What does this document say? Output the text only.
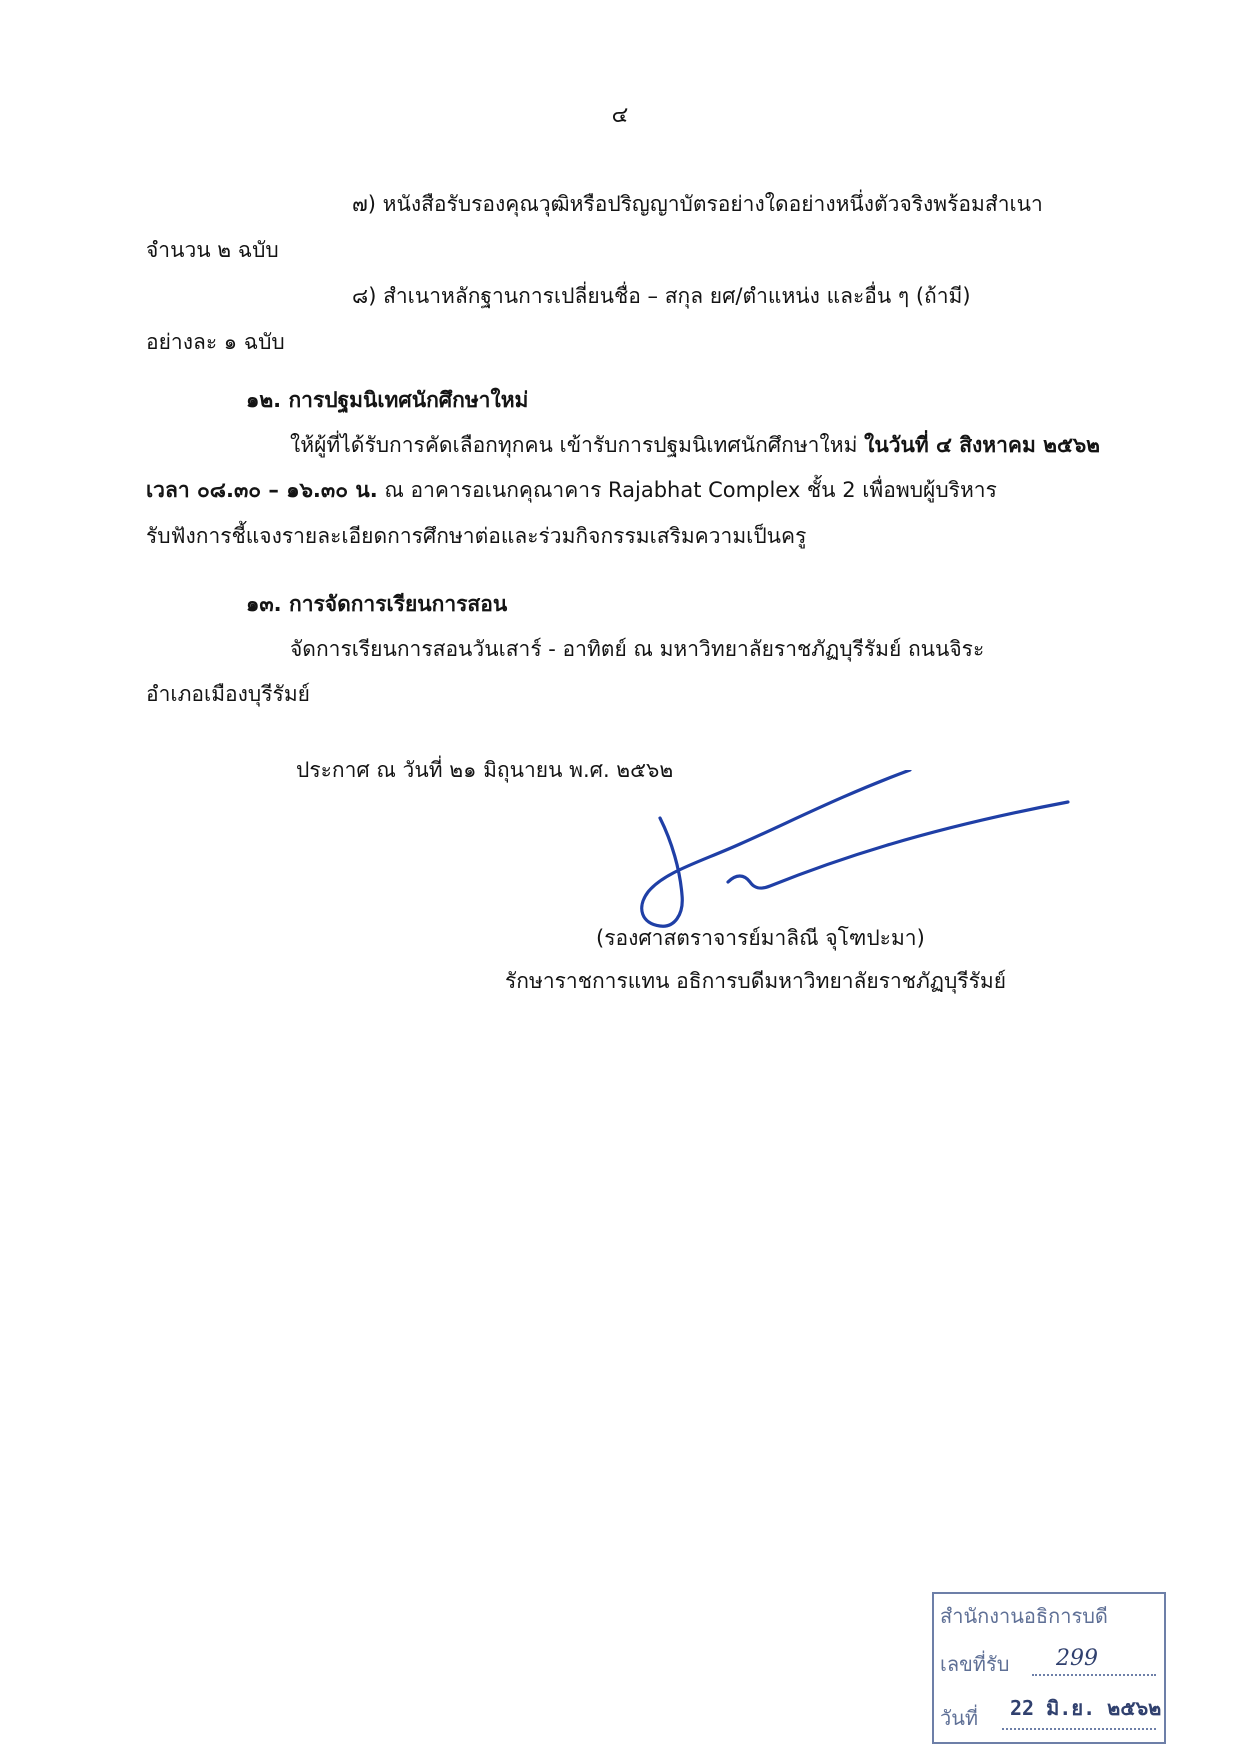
๔
๗) หนังสือรับรองคุณวุฒิหรือปริญญาบัตรอย่างใดอย่างหนึ่งตัวจริงพร้อมสำเนา
จำนวน ๒ ฉบับ
๘) สำเนาหลักฐานการเปลี่ยนชื่อ – สกุล ยศ/ตำแหน่ง และอื่น ๆ (ถ้ามี)
อย่างละ ๑ ฉบับ
๑๒. การปฐมนิเทศนักศึกษาใหม่
ให้ผู้ที่ได้รับการคัดเลือกทุกคน เข้ารับการปฐมนิเทศนักศึกษาใหม่ ในวันที่ ๔ สิงหาคม ๒๕๖๒
เวลา ๐๘.๓๐ – ๑๖.๓๐ น. ณ อาคารอเนกคุณาคาร Rajabhat Complex ชั้น 2 เพื่อพบผู้บริหาร
รับฟังการชี้แจงรายละเอียดการศึกษาต่อและร่วมกิจกรรมเสริมความเป็นครู
๑๓. การจัดการเรียนการสอน
จัดการเรียนการสอนวันเสาร์ - อาทิตย์ ณ มหาวิทยาลัยราชภัฏบุรีรัมย์ ถนนจิระ
อำเภอเมืองบุรีรัมย์
ประกาศ ณ วันที่ ๒๑ มิถุนายน พ.ศ. ๒๕๖๒
(รองศาสตราจารย์มาลิณี จุโฑปะมา)
รักษาราชการแทน อธิการบดีมหาวิทยาลัยราชภัฏบุรีรัมย์
สำนักงานอธิการบดี
เลขที่รับ 299
วันที่ 22 มิ.ย. ๒๕๖๒
